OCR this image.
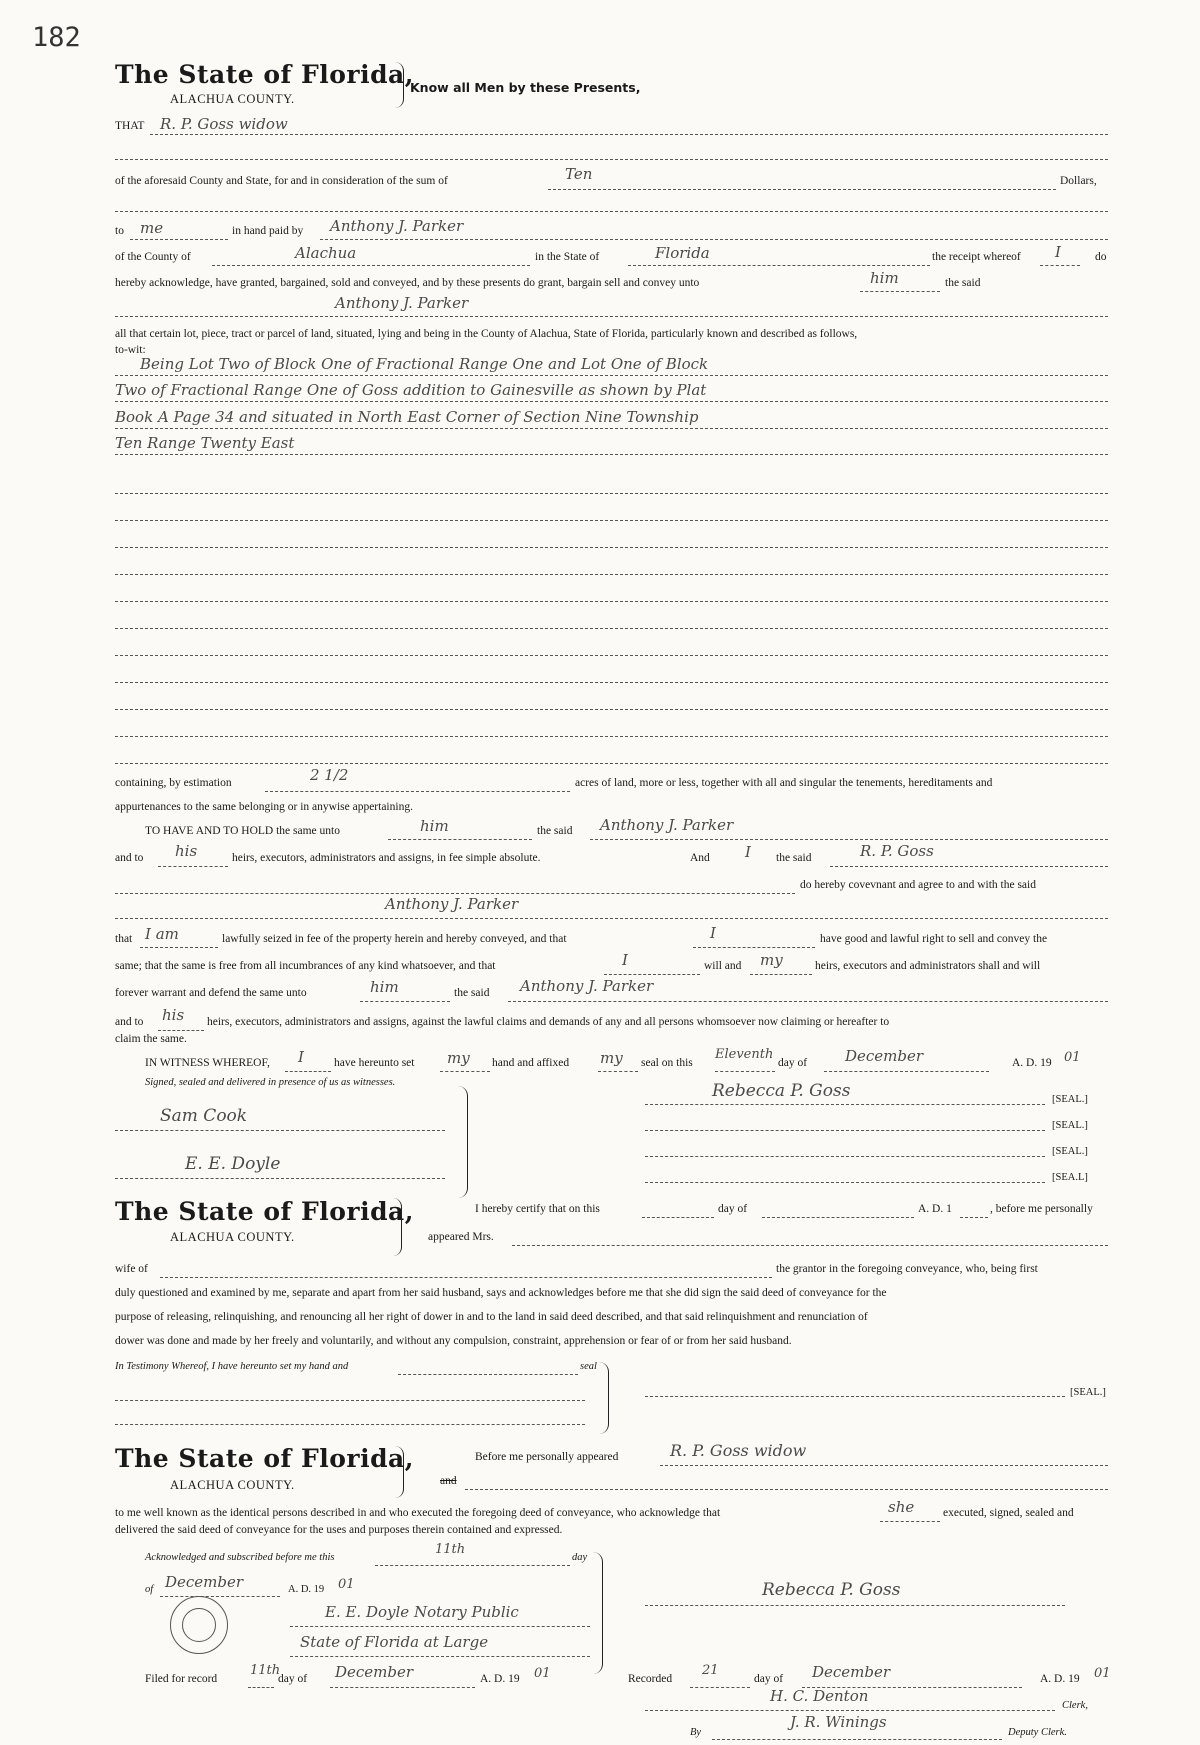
182
The State of Florida,
ALACHUA COUNTY.
Know all Men by these Presents,
THAT R. P. Goss widow
of the aforesaid County and State, for and in consideration of the sum of	Ten	Dollars,
to me	in hand paid by Anthony J. Parker
of the County of	Alachua	in the State of	Florida	the receipt whereof I	do
hereby acknowledge, have granted, bargained, sold and conveyed, and by these presents do grant, bargain sell and convey unto	him	the said
Anthony J. Parker
all that certain lot, piece, tract or parcel of land, situated, lying and being in the County of Alachua, State of Florida, particularly known and described as follows,
to-wit:
Being Lot Two of Block One of Fractional Range One and Lot One of Block
Two of Fractional Range One of Goss addition to Gainesville as shown by Plat
Book A Page 34 and situated in North East Corner of Section Nine Township
Ten Range Twenty East
containing, by estimation	2 1/2	acres of land, more or less, together with all and singular the tenements, hereditaments and
appurtenances to the same belonging or in anywise appertaining.
TO HAVE AND TO HOLD the same unto	him	the said Anthony J. Parker
and to his	heirs, executors, administrators and assigns, in fee simple absolute.	And I the said	R. P. Goss
do hereby covevnant and agree to and with the said
Anthony J. Parker
that I am	lawfully seized in fee of the property herein and hereby conveyed, and that	I	have good and lawful right to sell and convey the
same; that the same is free from all incumbrances of any kind whatsoever, and that	I	will and my	heirs, executors and administrators shall and will
forever warrant and defend the same unto	him	the said Anthony J. Parker
and to his heirs, executors, administrators and assigns, against the lawful claims and demands of any and all persons whomsoever now claiming or hereafter to
claim the same.
IN WITNESS WHEREOF, I	have hereunto set my hand and affixed my seal on this
Eleventh
day of	December	A. D. 19 01
Signed, sealed and delivered in presence of us as witnesses.
Sam Cook
E. E. Doyle
Rebecca P. Goss	[SEAL.]
[SEAL.]
[SEAL.]
[SEA.L]
The State of Florida,
ALACHUA COUNTY.
I hereby certify that on this	day of	A. D. 1	, before me personally
appeared Mrs.
wife of	the grantor in the foregoing conveyance, who, being first
duly questioned and examined by me, separate and apart from her said husband, says and acknowledges before me that she did sign the said deed of conveyance for the
purpose of releasing, relinquishing, and renouncing all her right of dower in and to the land in said deed described, and that said relinquishment and renunciation of
dower was done and made by her freely and voluntarily, and without any compulsion, constraint, apprehension or fear of or from her said husband.
In Testimony Whereof, I have hereunto set my hand and	seal
[SEAL.]
The State of Florida,
ALACHUA COUNTY.
Before me personally appeared	R. P. Goss widow
and
to me well known as the identical persons described in and who executed the foregoing deed of conveyance, who acknowledge that	she	executed, signed, sealed and
delivered the said deed of conveyance for the uses and purposes therein contained and expressed.
Acknowledged and subscribed before me this
11th
day
of December	A. D. 19 01
E. E. Doyle Notary Public
State of Florida at Large
Rebecca P. Goss
Filed for record
11th
day of December	A. D. 19 01	Recorded
21
day of December	A. D. 19 01
H. C. Denton
Clerk,
By
J. R. Winings
Deputy Clerk.
